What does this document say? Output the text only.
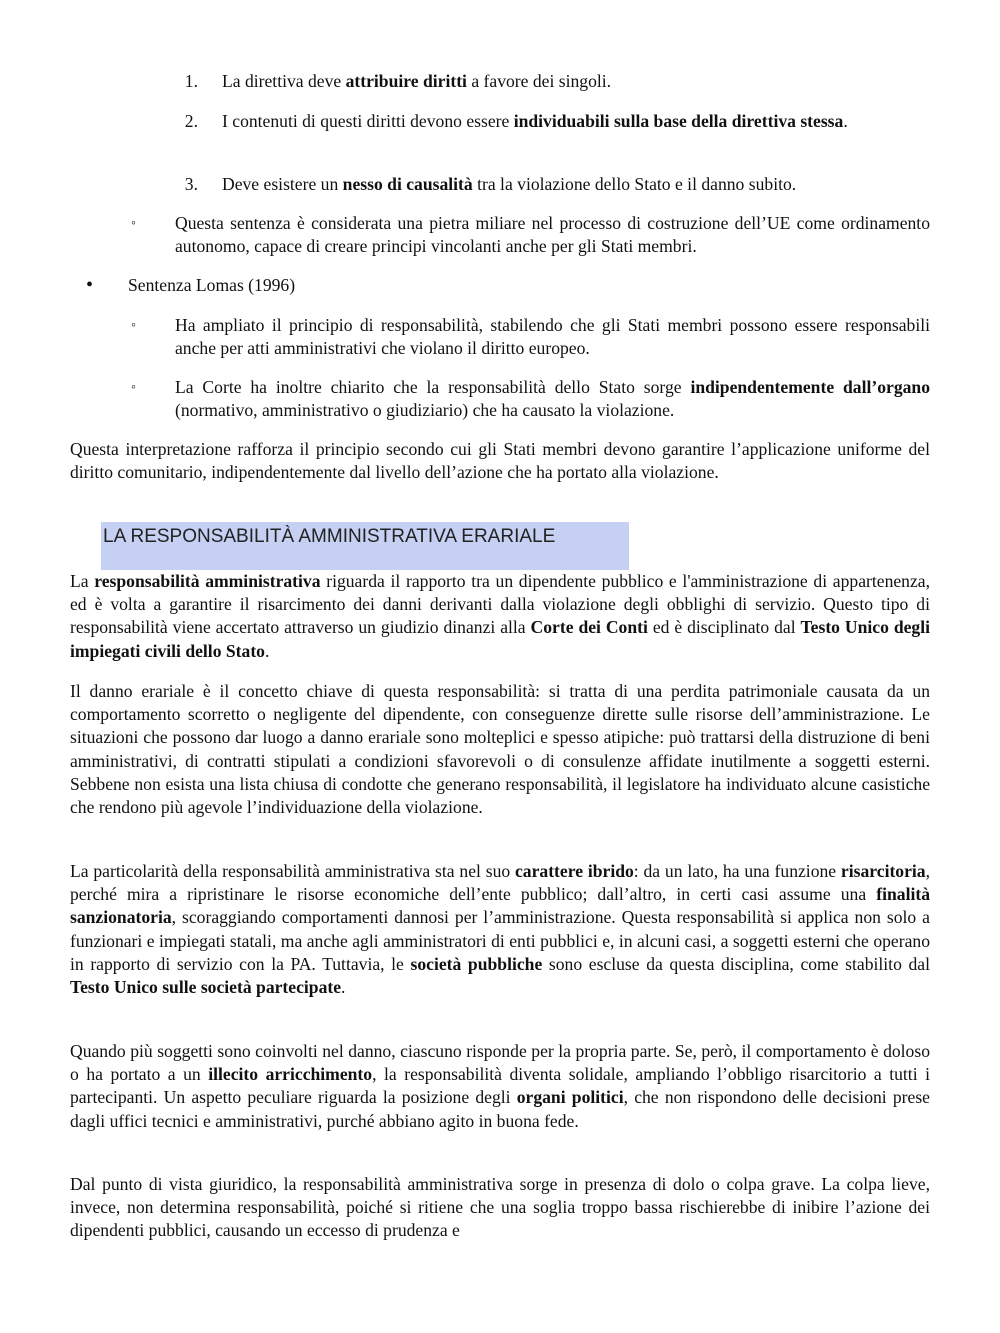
1. La direttiva deve attribuire diritti a favore dei singoli.

2. I contenuti di questi diritti devono essere individuabili sulla base della direttiva stessa.

3. Deve esistere un nesso di causalità tra la violazione dello Stato e il danno subito.

◦ Questa sentenza è considerata una pietra miliare nel processo di costruzione dell’UE come ordinamento autonomo, capace di creare principi vincolanti anche per gli Stati membri.

• Sentenza Lomas (1996)

◦ Ha ampliato il principio di responsabilità, stabilendo che gli Stati membri possono essere responsabili anche per atti amministrativi che violano il diritto europeo.

◦ La Corte ha inoltre chiarito che la responsabilità dello Stato sorge indipendentemente dall’organo (normativo, amministrativo o giudiziario) che ha causato la violazione.

Questa interpretazione rafforza il principio secondo cui gli Stati membri devono garantire l’applicazione uniforme del diritto comunitario, indipendentemente dal livello dell’azione che ha portato alla violazione.

LA RESPONSABILITÀ AMMINISTRATIVA ERARIALE

La responsabilità amministrativa riguarda il rapporto tra un dipendente pubblico e l'amministrazione di appartenenza, ed è volta a garantire il risarcimento dei danni derivanti dalla violazione degli obblighi di servizio. Questo tipo di responsabilità viene accertato attraverso un giudizio dinanzi alla Corte dei Conti ed è disciplinato dal Testo Unico degli impiegati civili dello Stato.

Il danno erariale è il concetto chiave di questa responsabilità: si tratta di una perdita patrimoniale causata da un comportamento scorretto o negligente del dipendente, con conseguenze dirette sulle risorse dell’amministrazione. Le situazioni che possono dar luogo a danno erariale sono molteplici e spesso atipiche: può trattarsi della distruzione di beni amministrativi, di contratti stipulati a condizioni sfavorevoli o di consulenze affidate inutilmente a soggetti esterni. Sebbene non esista una lista chiusa di condotte che generano responsabilità, il legislatore ha individuato alcune casistiche che rendono più agevole l’individuazione della violazione.

La particolarità della responsabilità amministrativa sta nel suo carattere ibrido: da un lato, ha una funzione risarcitoria, perché mira a ripristinare le risorse economiche dell’ente pubblico; dall’altro, in certi casi assume una finalità sanzionatoria, scoraggiando comportamenti dannosi per l’amministrazione. Questa responsabilità si applica non solo a funzionari e impiegati statali, ma anche agli amministratori di enti pubblici e, in alcuni casi, a soggetti esterni che operano in rapporto di servizio con la PA. Tuttavia, le società pubbliche sono escluse da questa disciplina, come stabilito dal Testo Unico sulle società partecipate.

Quando più soggetti sono coinvolti nel danno, ciascuno risponde per la propria parte. Se, però, il comportamento è doloso o ha portato a un illecito arricchimento, la responsabilità diventa solidale, ampliando l’obbligo risarcitorio a tutti i partecipanti. Un aspetto peculiare riguarda la posizione degli organi politici, che non rispondono delle decisioni prese dagli uffici tecnici e amministrativi, purché abbiano agito in buona fede.

Dal punto di vista giuridico, la responsabilità amministrativa sorge in presenza di dolo o colpa grave. La colpa lieve, invece, non determina responsabilità, poiché si ritiene che una soglia troppo bassa rischierebbe di inibire l’azione dei dipendenti pubblici, causando un eccesso di prudenza e
